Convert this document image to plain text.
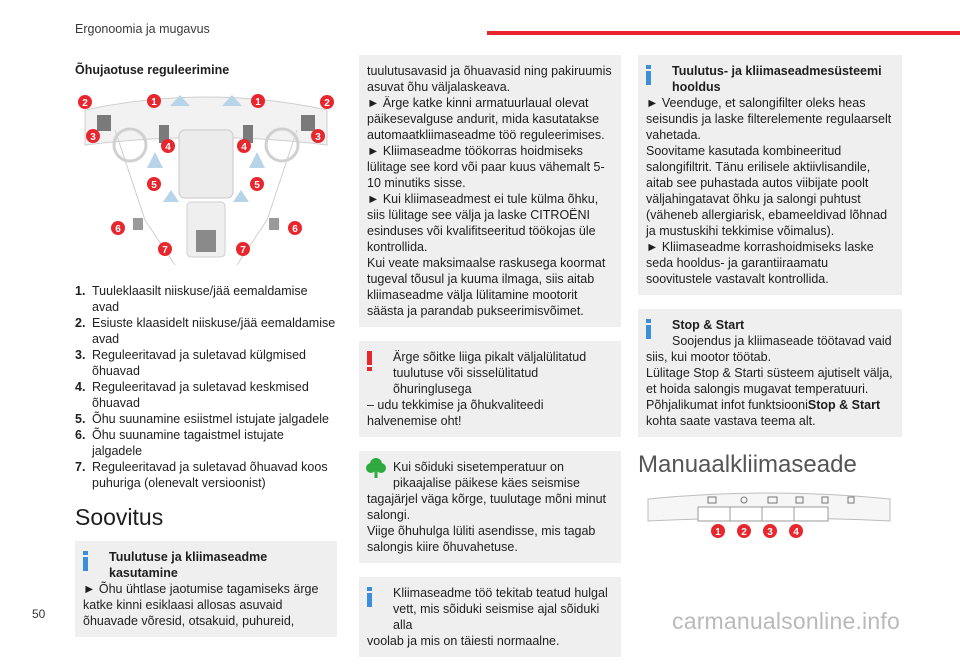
Ergonoomia ja mugavus
Õhujaotuse reguleerimine
1	1
2	2
3	3
4	4
5	5
6	6
7	7
1. Tuuleklaasilt niiskuse/jää eemaldamise avad
2. Esiuste klaasidelt niiskuse/jää eemaldamise avad
3. Reguleeritavad ja suletavad külgmised õhuavad
4. Reguleeritavad ja suletavad keskmised õhuavad
5. Õhu suunamine esiistmel istujate jalgadele
6. Õhu suunamine tagaistmel istujate jalgadele
7. Reguleeritavad ja suletavad õhuavad koos puhuriga (olenevalt versioonist)
Soovitus
Tuulutuse ja kliimaseadme kasutamine
► Õhu ühtlase jaotumise tagamiseks ärge katke kinni esiklaasi allosas asuvaid õhuavade võresid, otsakuid, puhureid,
tuulutusavasid ja õhuavasid ning pakiruumis asuvat õhu väljalaskeava.
► Ärge katke kinni armatuurlaual olevat päikesevalguse andurit, mida kasutatakse automaatkliimaseadme töö reguleerimises.
► Kliimaseadme töökorras hoidmiseks lülitage see kord või paar kuus vähemalt 5-10 minutiks sisse.
► Kui kliimaseadmest ei tule külma õhku, siis lülitage see välja ja laske CITROËNI esinduses või kvalifitseeritud töökojas üle kontrollida.
Kui veate maksimaalse raskusega koormat tugeval tõusul ja kuuma ilmaga, siis aitab kliimaseadme välja lülitamine mootorit säästa ja parandab pukseerimisvõimet.
Ärge sõitke liiga pikalt väljalülitatud tuulutuse või sisselülitatud õhuringlusega
– udu tekkimise ja õhukvaliteedi halvenemise oht!
Kui sõiduki sisetemperatuur on pikaajalise päikese käes seismise
tagajärjel väga kõrge, tuulutage mõni minut salongi.
Viige õhuhulga lüliti asendisse, mis tagab salongis kiire õhuvahetuse.
Kliimaseadme töö tekitab teatud hulgal vett, mis sõiduki seismise ajal sõiduki alla
voolab ja mis on täiesti normaalne.
Tuulutus- ja kliimaseadmesüsteemi hooldus
► Veenduge, et salongifilter oleks heas seisundis ja laske filterelemente regulaarselt vahetada.
Soovitame kasutada kombineeritud salongifiltrit. Tänu erilisele aktiivlisandile, aitab see puhastada autos viibijate poolt väljahingatavat õhku ja salongi puhtust (väheneb allergiarisk, ebameeldivad lõhnad ja mustuskihi tekkimise võimalus).
► Kliimaseadme korrashoidmiseks laske seda hooldus- ja garantiiraamatu soovitustele vastavalt kontrollida.
Stop & Start
Soojendus ja kliimaseade töötavad vaid
siis, kui mootor töötab.
Lülitage Stop & Starti süsteem ajutiselt välja, et hoida salongis mugavat temperatuuri.
Põhjalikumat infot funktsiooniStop & Start kohta saate vastava teema alt.
Manuaalkliimaseade
1 2 3 4
50	carmanualsonline.info
